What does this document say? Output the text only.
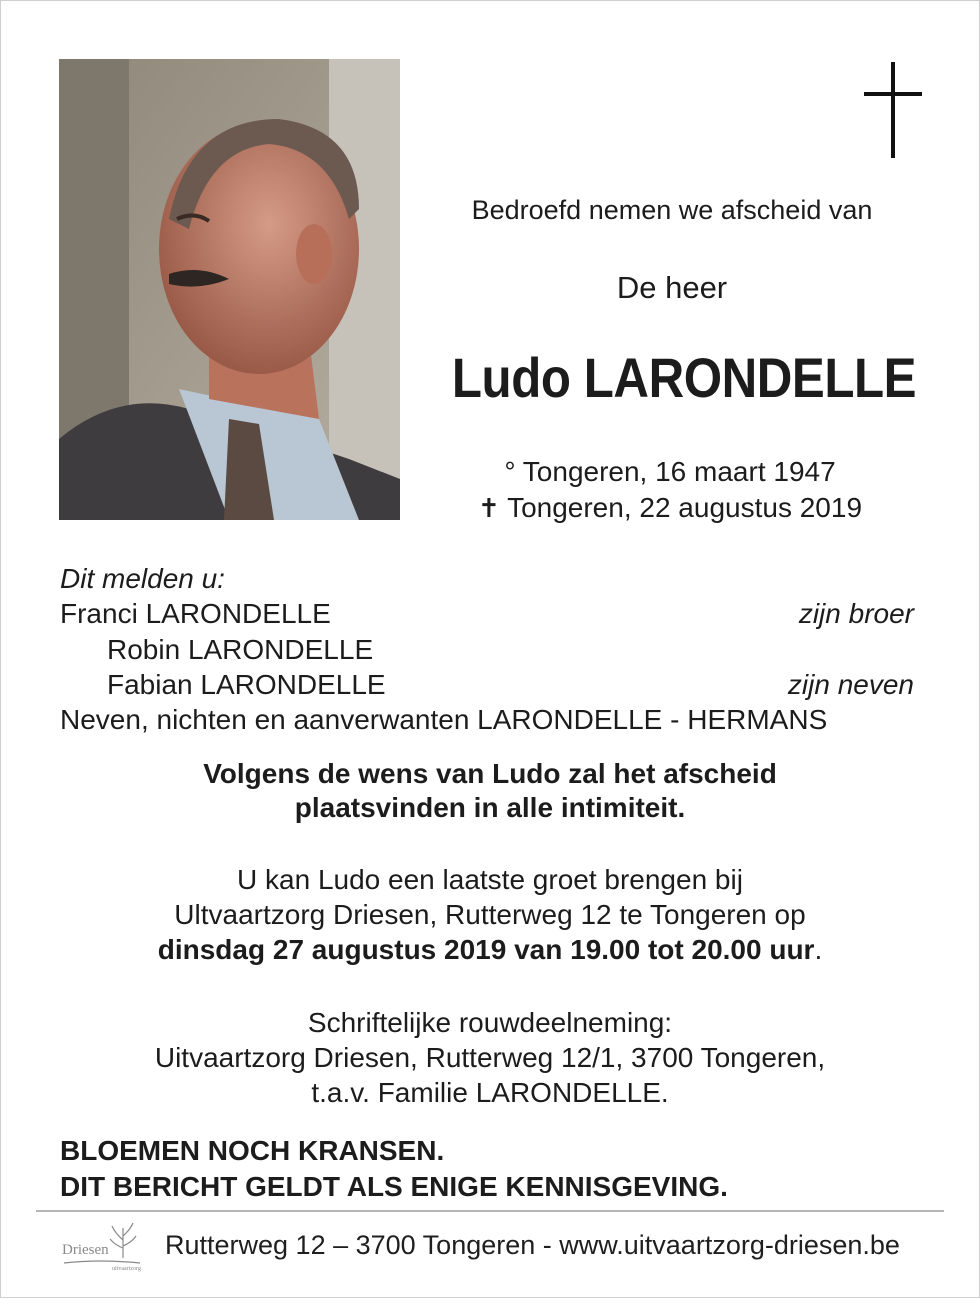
Bedroefd nemen we afscheid van
De heer
Ludo LARONDELLE
° Tongeren, 16 maart 1947
✝ Tongeren, 22 augustus 2019
Dit melden u:
Franci LARONDELLE	zijn broer
Robin LARONDELLE
Fabian LARONDELLE	zijn neven
Neven, nichten en aanverwanten LARONDELLE - HERMANS
Volgens de wens van Ludo zal het afscheid
plaatsvinden in alle intimiteit.
U kan Ludo een laatste groet brengen bij
Ultvaartzorg Driesen, Rutterweg 12 te Tongeren op
dinsdag 27 augustus 2019 van 19.00 tot 20.00 uur.
Schriftelijke rouwdeelneming:
Uitvaartzorg Driesen, Rutterweg 12/1, 3700 Tongeren,
t.a.v. Familie LARONDELLE.
BLOEMEN NOCH KRANSEN.
DIT BERICHT GELDT ALS ENIGE KENNISGEVING.
Driesen
uitvaartzorg
Rutterweg 12 – 3700 Tongeren - www.uitvaartzorg-driesen.be
